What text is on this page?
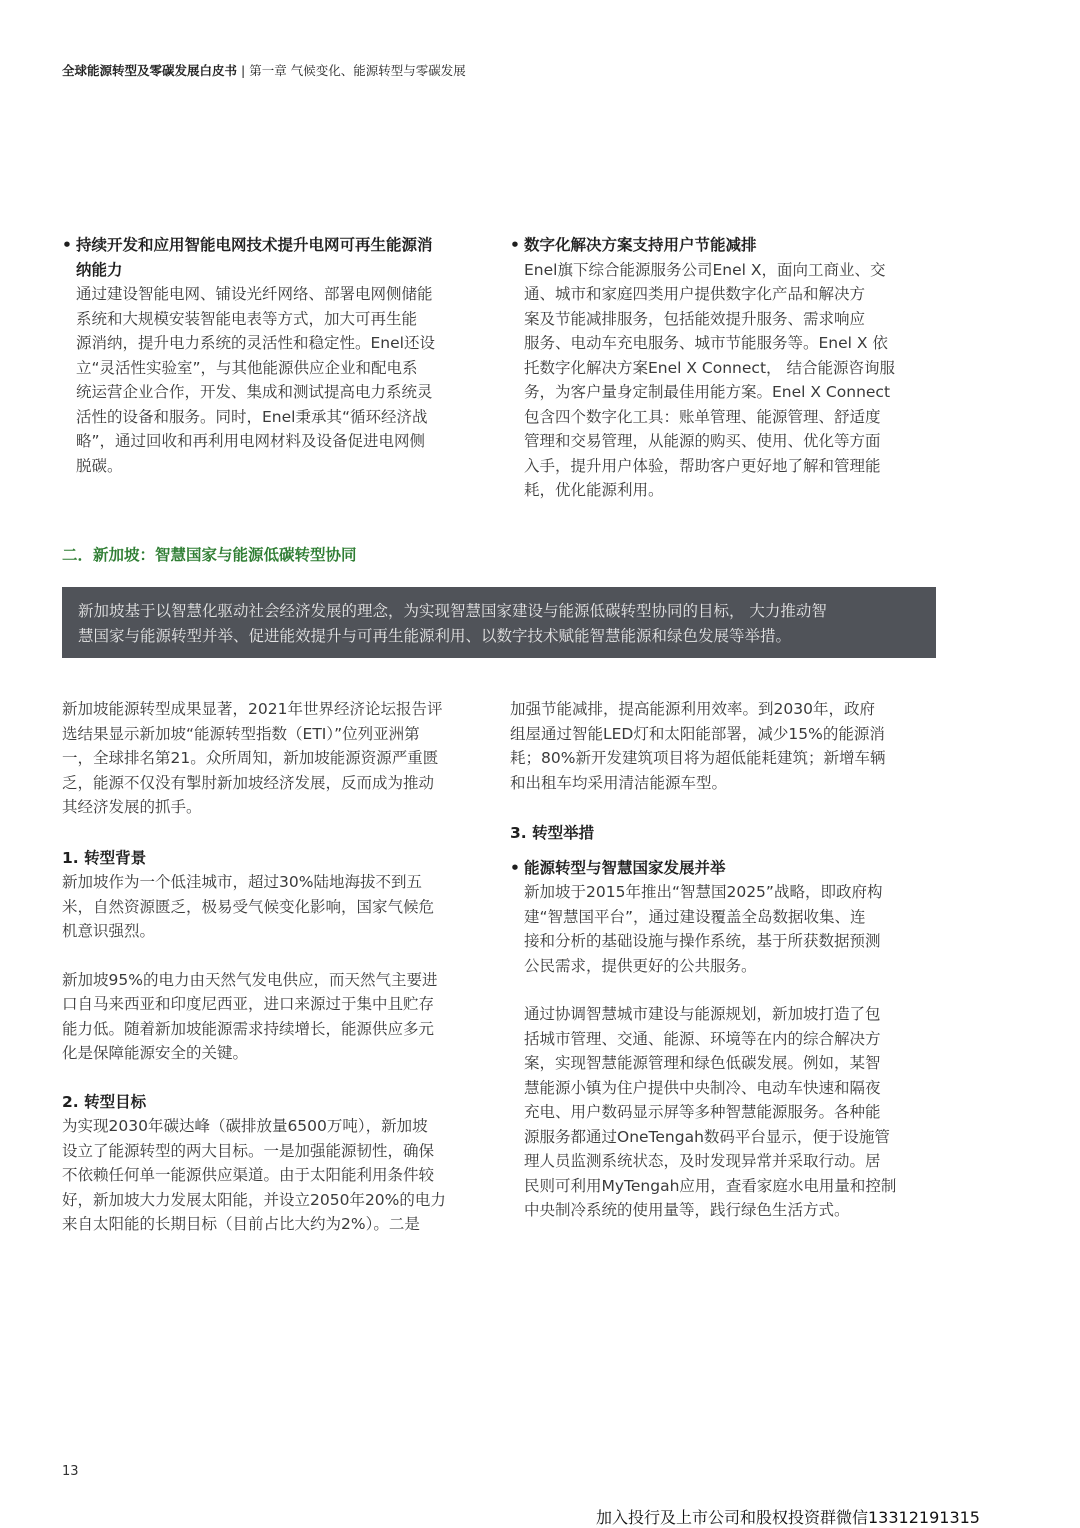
全球能源转型及零碳发展白皮书 | 第一章 气候变化、能源转型与零碳发展
• 持续开发和应用智能电网技术提升电网可再生能源消

纳能力

通过建设智能电网、铺设光纤网络、部署电网侧储能

系统和大规模安装智能电表等方式，加大可再生能

源消纳，提升电力系统的灵活性和稳定性。Enel还设

立“灵活性实验室”，与其他能源供应企业和配电系

统运营企业合作，开发、集成和测试提高电力系统灵

活性的设备和服务。同时，Enel秉承其“循环经济战

略”，通过回收和再利用电网材料及设备促进电网侧

脱碳。

• 数字化解决方案支持用户节能减排

Enel旗下综合能源服务公司Enel X，面向工商业、交

通、城市和家庭四类用户提供数字化产品和解决方

案及节能减排服务，包括能效提升服务、需求响应

服务、电动车充电服务、城市节能服务等。Enel X 依

托数字化解决方案Enel X Connect， 结合能源咨询服

务，为客户量身定制最佳用能方案。Enel X Connect

包含四个数字化工具：账单管理、能源管理、舒适度

管理和交易管理，从能源的购买、使用、优化等方面

入手，提升用户体验，帮助客户更好地了解和管理能

耗，优化能源利用。

二．新加坡：智慧国家与能源低碳转型协同

新加坡基于以智慧化驱动社会经济发展的理念，为实现智慧国家建设与能源低碳转型协同的目标， 大力推动智

慧国家与能源转型并举、促进能效提升与可再生能源利用、以数字技术赋能智慧能源和绿色发展等举措。

新加坡能源转型成果显著，2021年世界经济论坛报告评

选结果显示新加坡“能源转型指数（ETI）”位列亚洲第

一，全球排名第21。众所周知，新加坡能源资源严重匮

乏，能源不仅没有掣肘新加坡经济发展，反而成为推动

其经济发展的抓手。

1. 转型背景

新加坡作为一个低洼城市，超过30%陆地海拔不到五

米，自然资源匮乏，极易受气候变化影响，国家气候危

机意识强烈。

新加坡95%的电力由天然气发电供应，而天然气主要进

口自马来西亚和印度尼西亚，进口来源过于集中且贮存

能力低。随着新加坡能源需求持续增长，能源供应多元

化是保障能源安全的关键。

2. 转型目标

为实现2030年碳达峰（碳排放量6500万吨），新加坡

设立了能源转型的两大目标。一是加强能源韧性，确保

不依赖任何单一能源供应渠道。由于太阳能利用条件较

好，新加坡大力发展太阳能，并设立2050年20%的电力

来自太阳能的长期目标（目前占比大约为2%）。二是

加强节能减排，提高能源利用效率。到2030年，政府

组屋通过智能LED灯和太阳能部署，减少15%的能源消

耗；80%新开发建筑项目将为超低能耗建筑；新增车辆

和出租车均采用清洁能源车型。

3. 转型举措
• 能源转型与智慧国家发展并举

新加坡于2015年推出“智慧国2025”战略，即政府构

建“智慧国平台”，通过建设覆盖全岛数据收集、连

接和分析的基础设施与操作系统，基于所获数据预测

公民需求，提供更好的公共服务。

通过协调智慧城市建设与能源规划，新加坡打造了包

括城市管理、交通、能源、环境等在内的综合解决方

案，实现智慧能源管理和绿色低碳发展。例如，某智

慧能源小镇为住户提供中央制冷、电动车快速和隔夜

充电、用户数码显示屏等多种智慧能源服务。各种能

源服务都通过OneTengah数码平台显示，便于设施管

理人员监测系统状态，及时发现异常并采取行动。居

民则可利用MyTengah应用，查看家庭水电用量和控制

中央制冷系统的使用量等，践行绿色生活方式。

13
加入投行及上市公司和股权投资群微信13312191315
